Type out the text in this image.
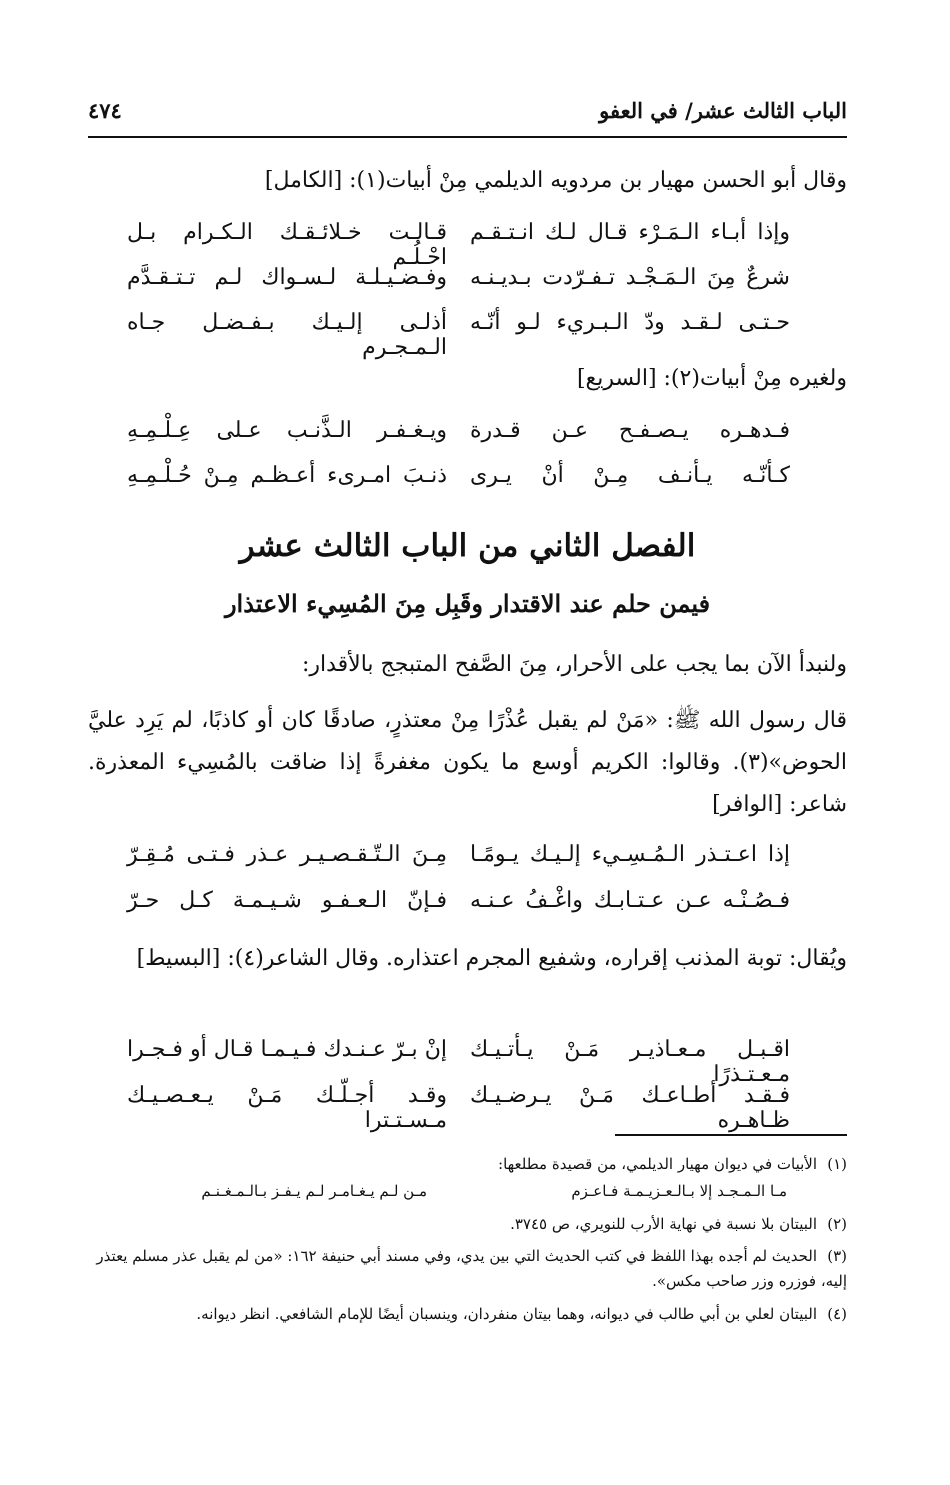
الباب الثالث عشر/ في العفو
٤٧٤
وقال أبو الحسن مهيار بن مردويه الديلمي مِنْ أبيات(١): [الكامل]
وإذا أبـاء الـمَـرْء قـال لـك انـتـقـم
قـالـت خـلائـقـك الـكـرام بـل احْـلُـم
شرعٌ مِنَ الـمَـجْـد تـفـرّدت بـديـنـه
وفـضـيـلـة لـسـواك لـم تـتـقـدَّم
حـتـى لـقـد ودّ الـبـريء لـو أنّـه
أذلـى إلـيـك بـفـضـل جـاه الـمـجـرم
ولغيره مِنْ أبيات(٢): [السريع]
فـدهـره يـصـفـح عـن قـدرة
ويـغـفـر الـذَّنـب عـلى عِـلْـمِـهِ
كـأنّـه يـأنـف مِـنْ أنْ يـرى
ذنـبَ امـرىء أعـظـم مِـنْ حُـلْـمِـهِ
الفصل الثاني من الباب الثالث عشر
فيمن حلم عند الاقتدار وقَبِل مِنَ المُسِيء الاعتذار
ولنبدأ الآن بما يجب على الأحرار، مِنَ الصَّفح المتبجج بالأقدار:
قال رسول الله ﷺ: «مَنْ لم يقبل عُذْرًا مِنْ معتذرٍ، صادقًا كان أو كاذبًا، لم يَرِد عليَّ الحوض»(٣). وقالوا: الكريم أوسع ما يكون مغفرةً إذا ضاقت بالمُسِيء المعذرة. شاعر: [الوافر]
إذا اعـتـذر الـمُـسِـيء إلـيـك يـومًـا
مِـنَ الـتّـقـصـيـر عـذر فـتـى مُـقِـرّ
فـصُـنْـه عـن عـتـابـك واغْـفُ عـنـه
فـإنّ الـعـفـو شـيـمـة كـل حـرّ
ويُقال: توبة المذنب إقراره، وشفيع المجرم اعتذاره. وقال الشاعر(٤): [البسيط]
اقـبـل مـعـاذيـر مَـنْ يـأتـيـك مـعـتـذرًا
إنْ بـرّ عـنـدك فـيـمـا قـال أو فـجـرا
فـقـد أطـاعـك مَـنْ يـرضـيـك ظـاهـره
وقـد أجـلّـك مَـنْ يـعـصـيـك مـسـتـترا
(١)الأبيات في ديوان مهيار الديلمي، من قصيدة مطلعها:
مـا الـمـجـد إلا بـالـعـزيـمـة فـاعـزم
مـن لـم يـغـامـر لـم يـفـز بـالـمـغـنـم
(٢)البيتان بلا نسبة في نهاية الأرب للنويري، ص ٣٧٤٥.
(٣)الحديث لم أجده بهذا اللفظ في كتب الحديث التي بين يدي، وفي مسند أبي حنيفة ١٦٢: «من لم يقبل عذر مسلم يعتذر إليه، فوزره وزر صاحب مكس».
(٤)البيتان لعلي بن أبي طالب في ديوانه، وهما بيتان منفردان، وينسبان أيضًا للإمام الشافعي. انظر ديوانه.
